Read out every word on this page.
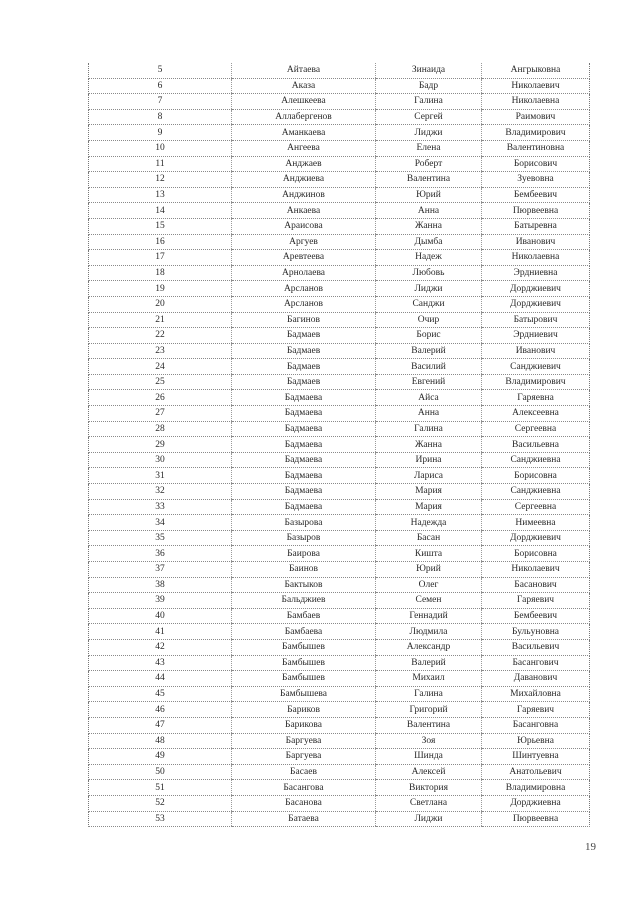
5	Айтаева	Зинаида	Ангрыковна
6	Аказа	Бадр	Николаевич
7	Алешкеева	Галина	Николаевна
8	Аллабергенов	Сергей	Раимович
9	Аманкаева	Лиджи	Владимирович
10	Ангеева	Елена	Валентиновна
11	Анджаев	Роберт	Борисович
12	Анджиева	Валентина	Зуевовна
13	Анджинов	Юрий	Бембеевич
14	Анкаева	Анна	Пюрвеевна
15	Араисова	Жанна	Батыревна
16	Аргуев	Дымба	Иванович
17	Аревтеева	Надеж	Николаевна
18	Арнолаева	Любовь	Эрдниевна
19	Арсланов	Лиджи	Дорджиевич
20	Арсланов	Санджи	Дорджиевич
21	Багинов	Очир	Батырович
22	Бадмаев	Борис	Эрдниевич
23	Бадмаев	Валерий	Иванович
24	Бадмаев	Василий	Санджиевич
25	Бадмаев	Евгений	Владимирович
26	Бадмаева	Айса	Гаряевна
27	Бадмаева	Анна	Алексеевна
28	Бадмаева	Галина	Сергеевна
29	Бадмаева	Жанна	Васильевна
30	Бадмаева	Ирина	Санджиевна
31	Бадмаева	Лариса	Борисовна
32	Бадмаева	Мария	Санджиевна
33	Бадмаева	Мария	Сергеевна
34	Базырова	Надежда	Нимеевна
35	Базыров	Басан	Дорджиевич
36	Баирова	Кишта	Борисовна
37	Баинов	Юрий	Николаевич
38	Бактыков	Олег	Басанович
39	Бальджиев	Семен	Гаряевич
40	Бамбаев	Геннадий	Бембеевич
41	Бамбаева	Людмила	Бульуновна
42	Бамбышев	Александр	Васильевич
43	Бамбышев	Валерий	Басангович
44	Бамбышев	Михаил	Даванович
45	Бамбышева	Галина	Михайловна
46	Бариков	Григорий	Гаряевич
47	Барикова	Валентина	Басанговна
48	Баргуева	Зоя	Юрьевна
49	Баргуева	Шинда	Шинтуевна
50	Басаев	Алексей	Анатольевич
51	Басангова	Виктория	Владимировна
52	Басанова	Светлана	Дорджиевна
53	Батаева	Лиджи	Пюрвеевна
19
